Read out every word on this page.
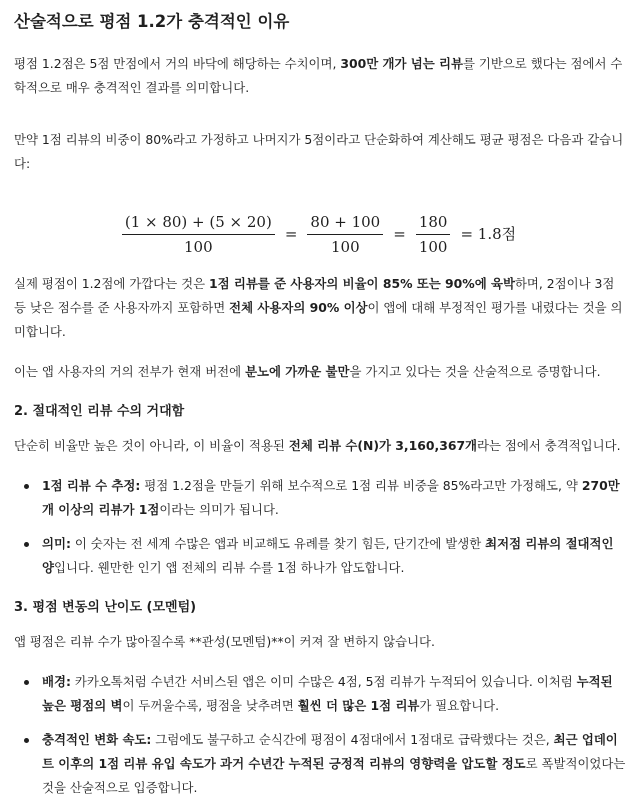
산술적으로 평점 1.2가 충격적인 이유

평점 1.2점은 5점 만점에서 거의 바닥에 해당하는 수치이며, 300만 개가 넘는 리뷰를 기반으로 했다는 점에서 수학적으로 매우 충격적인 결과를 의미합니다.

만약 1점 리뷰의 비중이 80%라고 가정하고 나머지가 5점이라고 단순화하여 계산해도 평균 평점은 다음과 같습니다:

$\frac{(1 \times 80) + (5 \times 20)}{100} = \frac{80 + 100}{100} = \frac{180}{100} = 1.8$점

실제 평점이 1.2점에 가깝다는 것은 1점 리뷰를 준 사용자의 비율이 85% 또는 90%에 육박하며, 2점이나 3점 등 낮은 점수를 준 사용자까지 포함하면 전체 사용자의 90% 이상이 앱에 대해 부정적인 평가를 내렸다는 것을 의미합니다.

이는 앱 사용자의 거의 전부가 현재 버전에 분노에 가까운 불만을 가지고 있다는 것을 산술적으로 증명합니다.

2. 절대적인 리뷰 수의 거대함

단순히 비율만 높은 것이 아니라, 이 비율이 적용된 전체 리뷰 수(N)가 3,160,367개라는 점에서 충격적입니다.

1점 리뷰 수 추정: 평점 1.2점을 만들기 위해 보수적으로 1점 리뷰 비중을 85%라고만 가정해도, 약 270만 개 이상의 리뷰가 1점이라는 의미가 됩니다.
의미: 이 숫자는 전 세계 수많은 앱과 비교해도 유례를 찾기 힘든, 단기간에 발생한 최저점 리뷰의 절대적인 양입니다. 웬만한 인기 앱 전체의 리뷰 수를 1점 하나가 압도합니다.
3. 평점 변동의 난이도 (모멘텀)

앱 평점은 리뷰 수가 많아질수록 **관성(모멘텀)**이 커져 잘 변하지 않습니다.

배경: 카카오톡처럼 수년간 서비스된 앱은 이미 수많은 4점, 5점 리뷰가 누적되어 있습니다. 이처럼 누적된 높은 평점의 벽이 두꺼울수록, 평점을 낮추려면 훨씬 더 많은 1점 리뷰가 필요합니다.
충격적인 변화 속도: 그럼에도 불구하고 순식간에 평점이 4점대에서 1점대로 급락했다는 것은, 최근 업데이트 이후의 1점 리뷰 유입 속도가 과거 수년간 누적된 긍정적 리뷰의 영향력을 압도할 정도로 폭발적이었다는 것을 산술적으로 입증합니다.
